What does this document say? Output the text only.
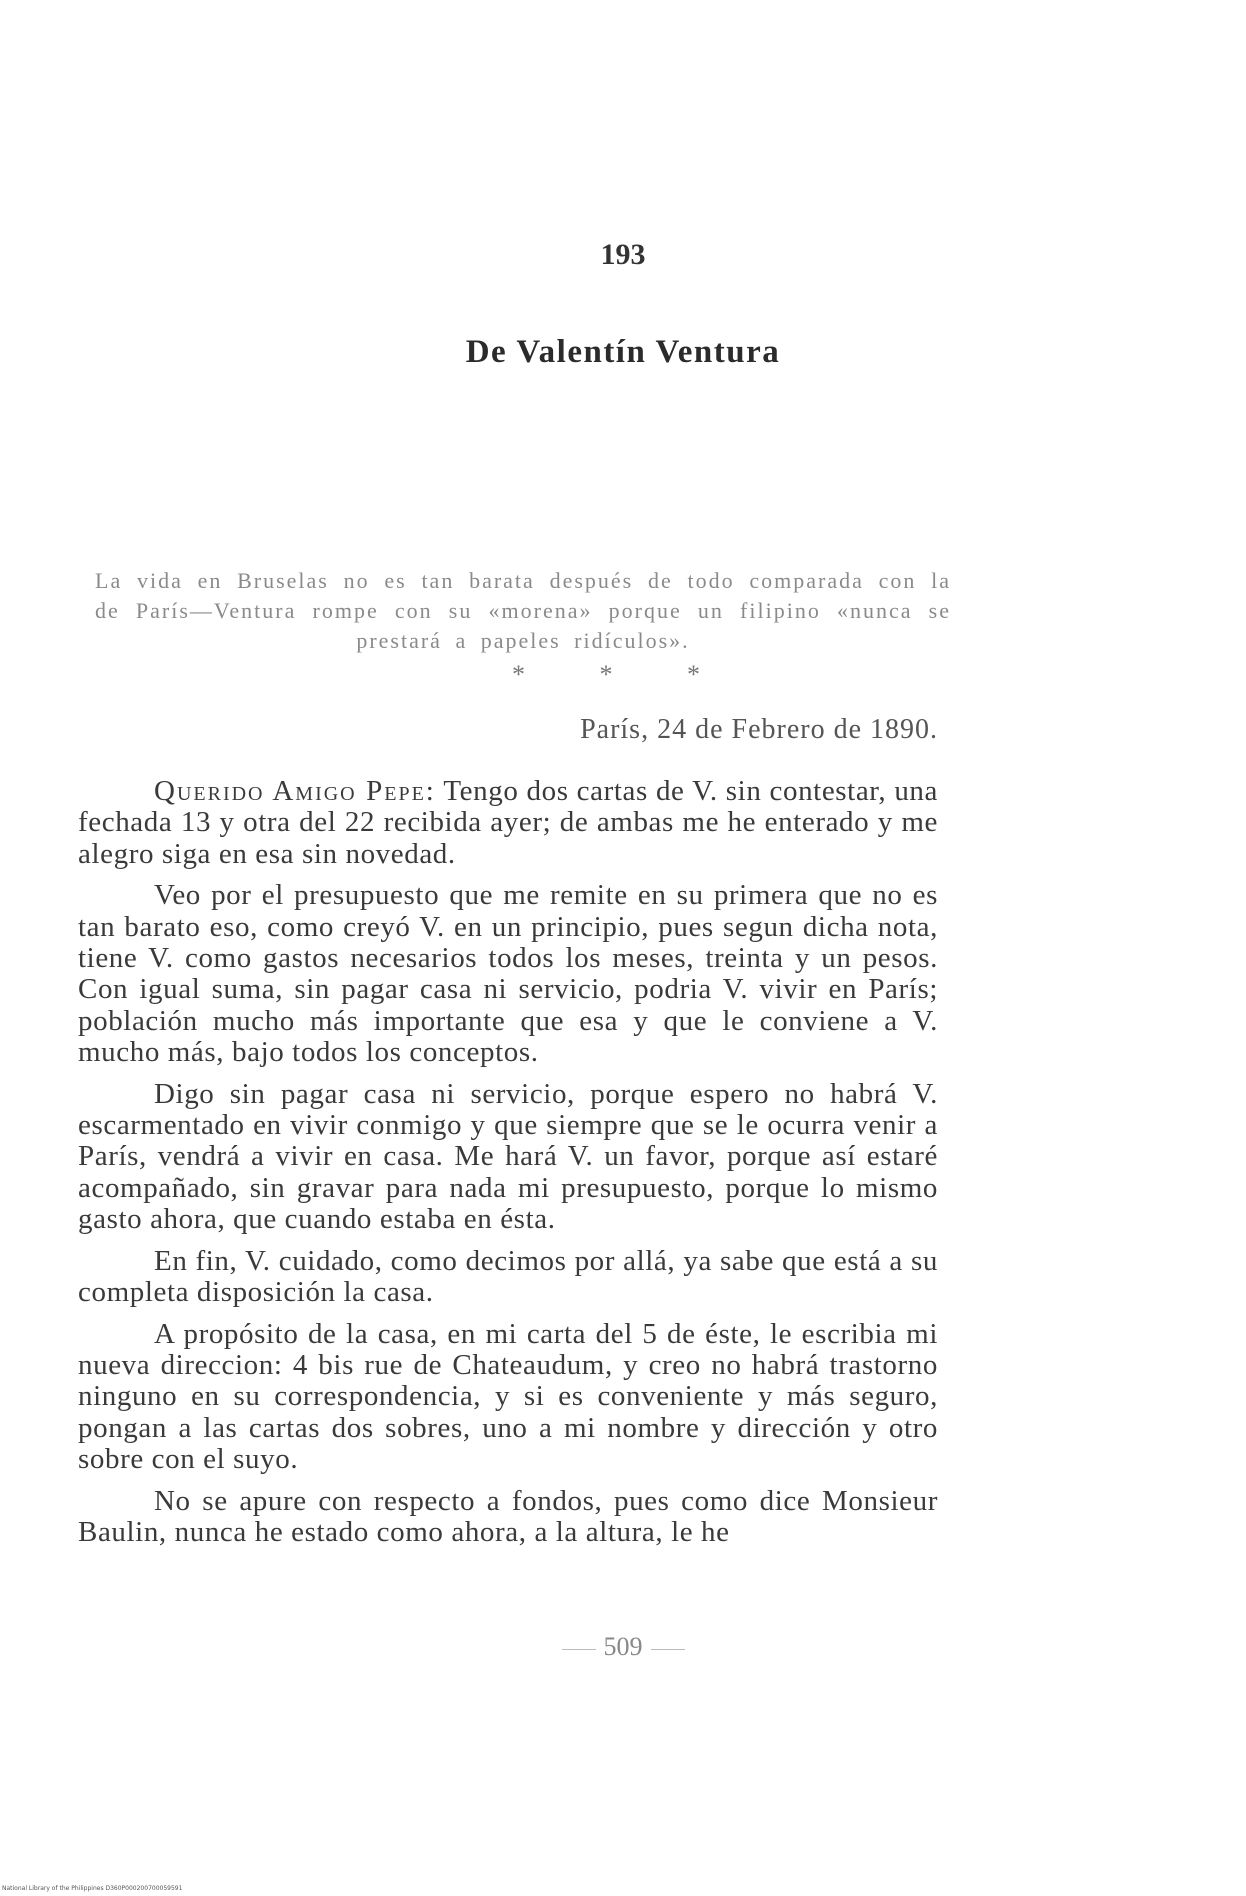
193
De Valentín Ventura
La vida en Bruselas no es tan barata después de todo comparada con la de París—Ventura rompe con su «morena» porque un filipino «nunca se prestará a papeles ridículos».
* * *
París, 24 de Febrero de 1890.

Querido Amigo Pepe: Tengo dos cartas de V. sin contestar, una fechada 13 y otra del 22 recibida ayer; de ambas me he enterado y me alegro siga en esa sin novedad.

Veo por el presupuesto que me remite en su primera que no es tan barato eso, como creyó V. en un principio, pues segun dicha nota, tiene V. como gastos necesarios todos los meses, treinta y un pesos. Con igual suma, sin pagar casa ni servicio, podria V. vivir en París; población mucho más importante que esa y que le conviene a V. mucho más, bajo todos los conceptos.

Digo sin pagar casa ni servicio, porque espero no habrá V. escarmentado en vivir conmigo y que siempre que se le ocurra venir a París, vendrá a vivir en casa. Me hará V. un favor, porque así estaré acompañado, sin gravar para nada mi presupuesto, porque lo mismo gasto ahora, que cuando estaba en ésta.

En fin, V. cuidado, como decimos por allá, ya sabe que está a su completa disposición la casa.

A propósito de la casa, en mi carta del 5 de éste, le escribia mi nueva direccion: 4 bis rue de Chateaudum, y creo no habrá trastorno ninguno en su correspondencia, y si es conveniente y más seguro, pongan a las cartas dos sobres, uno a mi nombre y dirección y otro sobre con el suyo.

No se apure con respecto a fondos, pues como dice Monsieur Baulin, nunca he estado como ahora, a la altura, le he

509
National Library of the Philippines D360P000200700059591
